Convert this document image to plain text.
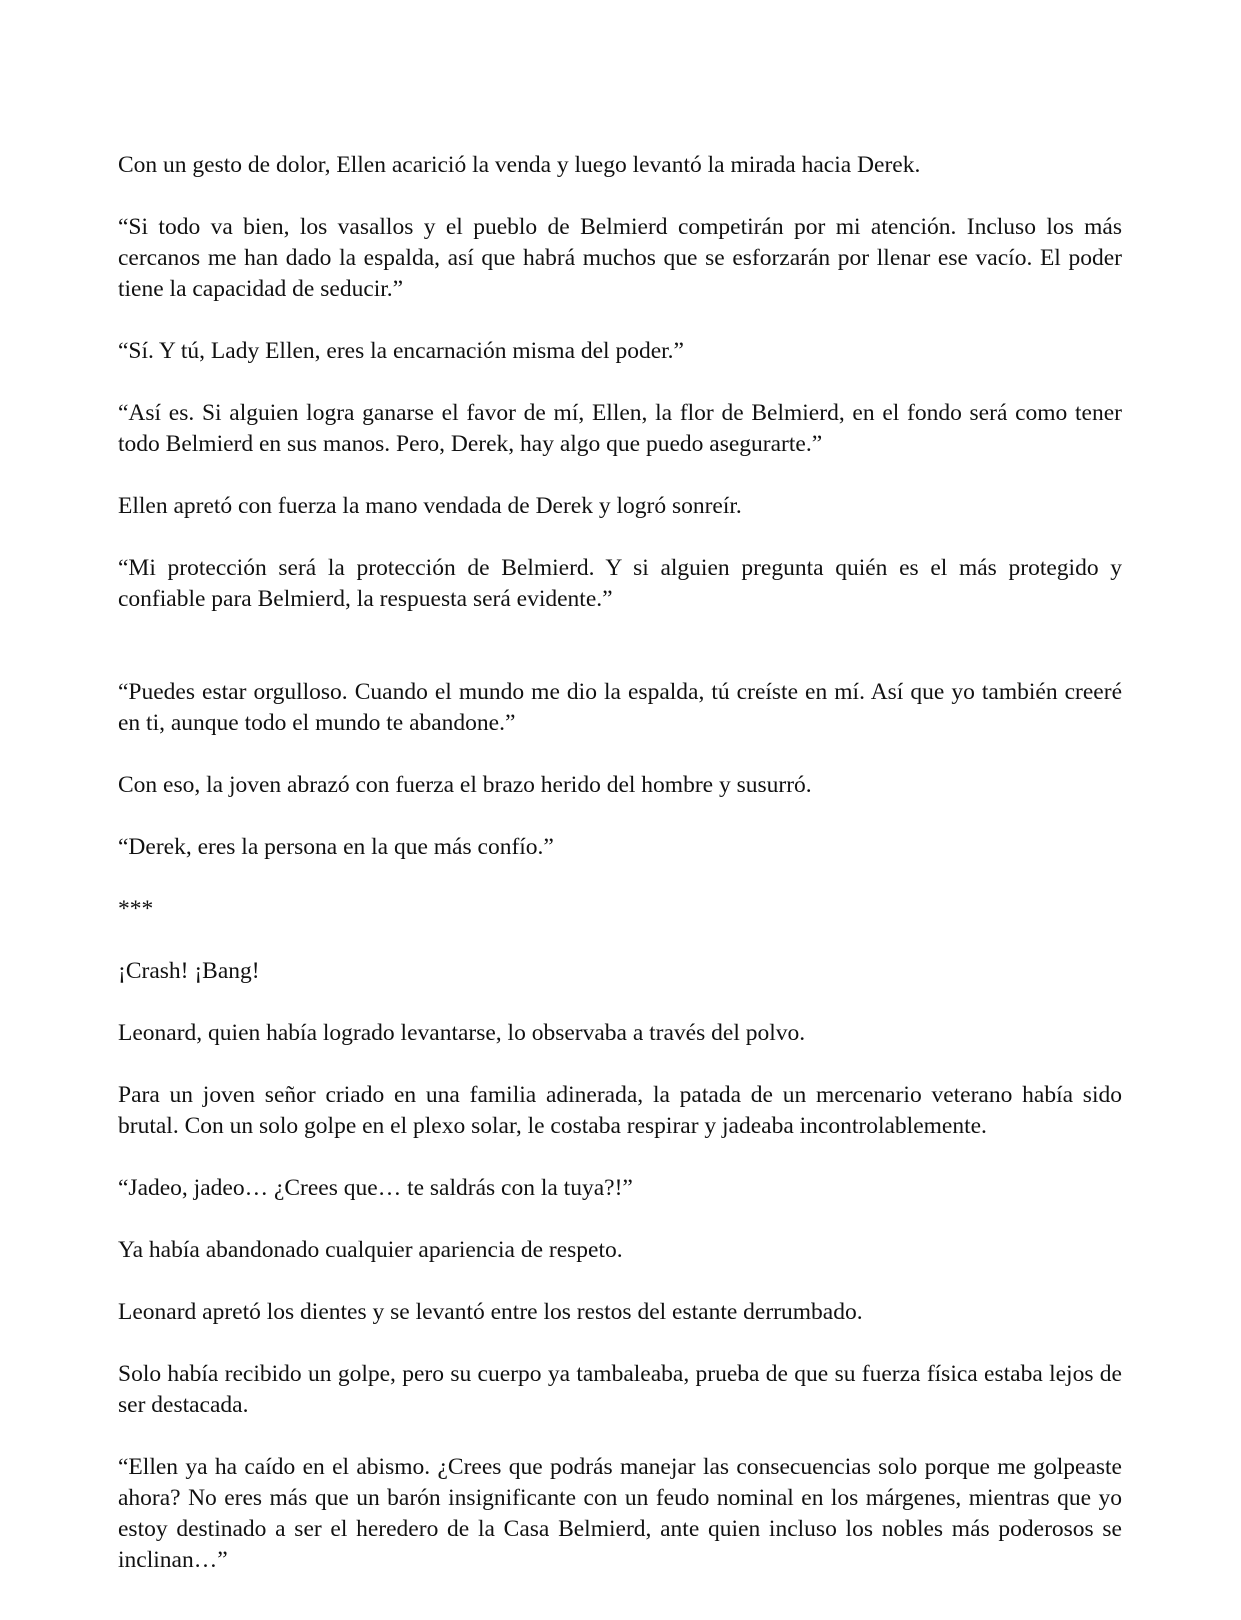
Con un gesto de dolor, Ellen acarició la venda y luego levantó la mirada hacia Derek.

“Si todo va bien, los vasallos y el pueblo de Belmierd competirán por mi atención. Incluso los más cercanos me han dado la espalda, así que habrá muchos que se esforzarán por llenar ese vacío. El poder tiene la capacidad de seducir.”

“Sí. Y tú, Lady Ellen, eres la encarnación misma del poder.”

“Así es. Si alguien logra ganarse el favor de mí, Ellen, la flor de Belmierd, en el fondo será como tener todo Belmierd en sus manos. Pero, Derek, hay algo que puedo asegurarte.”

Ellen apretó con fuerza la mano vendada de Derek y logró sonreír.

“Mi protección será la protección de Belmierd. Y si alguien pregunta quién es el más protegido y confiable para Belmierd, la respuesta será evidente.”

“Puedes estar orgulloso. Cuando el mundo me dio la espalda, tú creíste en mí. Así que yo también creeré en ti, aunque todo el mundo te abandone.”

Con eso, la joven abrazó con fuerza el brazo herido del hombre y susurró.

“Derek, eres la persona en la que más confío.”

***

¡Crash! ¡Bang!

Leonard, quien había logrado levantarse, lo observaba a través del polvo.

Para un joven señor criado en una familia adinerada, la patada de un mercenario veterano había sido brutal. Con un solo golpe en el plexo solar, le costaba respirar y jadeaba incontrolablemente.

“Jadeo, jadeo… ¿Crees que… te saldrás con la tuya?!”

Ya había abandonado cualquier apariencia de respeto.

Leonard apretó los dientes y se levantó entre los restos del estante derrumbado.

Solo había recibido un golpe, pero su cuerpo ya tambaleaba, prueba de que su fuerza física estaba lejos de ser destacada.

“Ellen ya ha caído en el abismo. ¿Crees que podrás manejar las consecuencias solo porque me golpeaste ahora? No eres más que un barón insignificante con un feudo nominal en los márgenes, mientras que yo estoy destinado a ser el heredero de la Casa Belmierd, ante quien incluso los nobles más poderosos se inclinan…”
